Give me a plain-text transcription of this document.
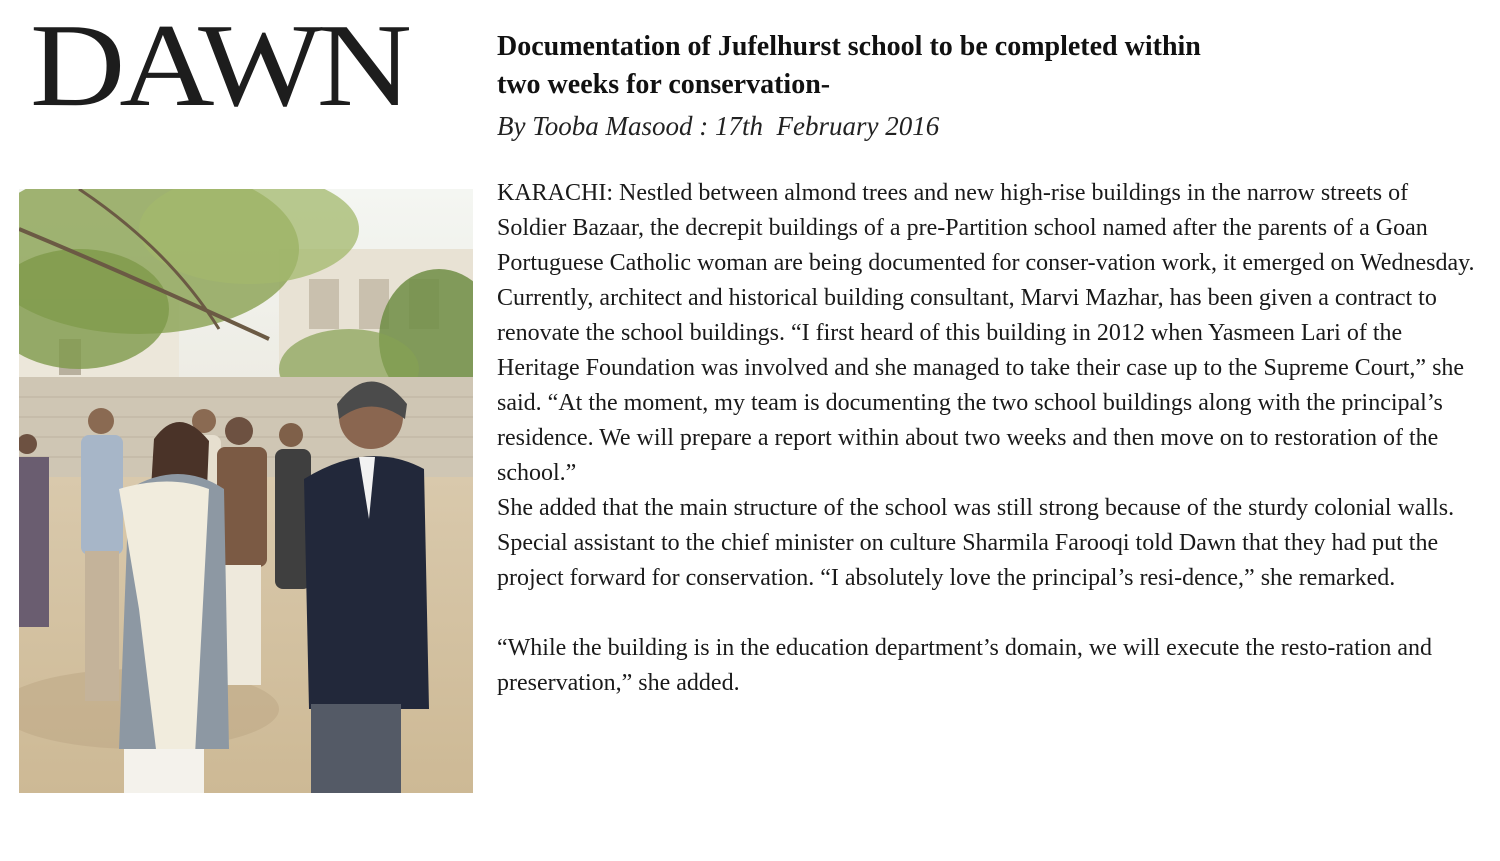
DAWN	Documentation of Jufelhurst school to be completed within
two weeks for conservation-
By Tooba Masood : 17th  February 2016

KARACHI: Nestled between almond trees and new high-rise buildings in the narrow streets of Soldier Bazaar, the decrepit buildings of a pre-Partition school named after the parents of a Goan Portuguese Catholic woman are being documented for conser-vation work, it emerged on Wednesday.

Currently, architect and historical building consultant, Marvi Mazhar, has been given a contract to renovate the school buildings. “I first heard of this building in 2012 when Yasmeen Lari of the Heritage Foundation was involved and she managed to take their case up to the Supreme Court,” she said. “At the moment, my team is documenting the two school buildings along with the principal’s residence. We will prepare a report within about two weeks and then move on to restoration of the school.”

She added that the main structure of the school was still strong because of the sturdy colonial walls.

Special assistant to the chief minister on culture Sharmila Farooqi told Dawn that they had put the project forward for conservation. “I absolutely love the principal’s resi-dence,” she remarked.

“While the building is in the education department’s domain, we will execute the resto-ration and preservation,” she added.
